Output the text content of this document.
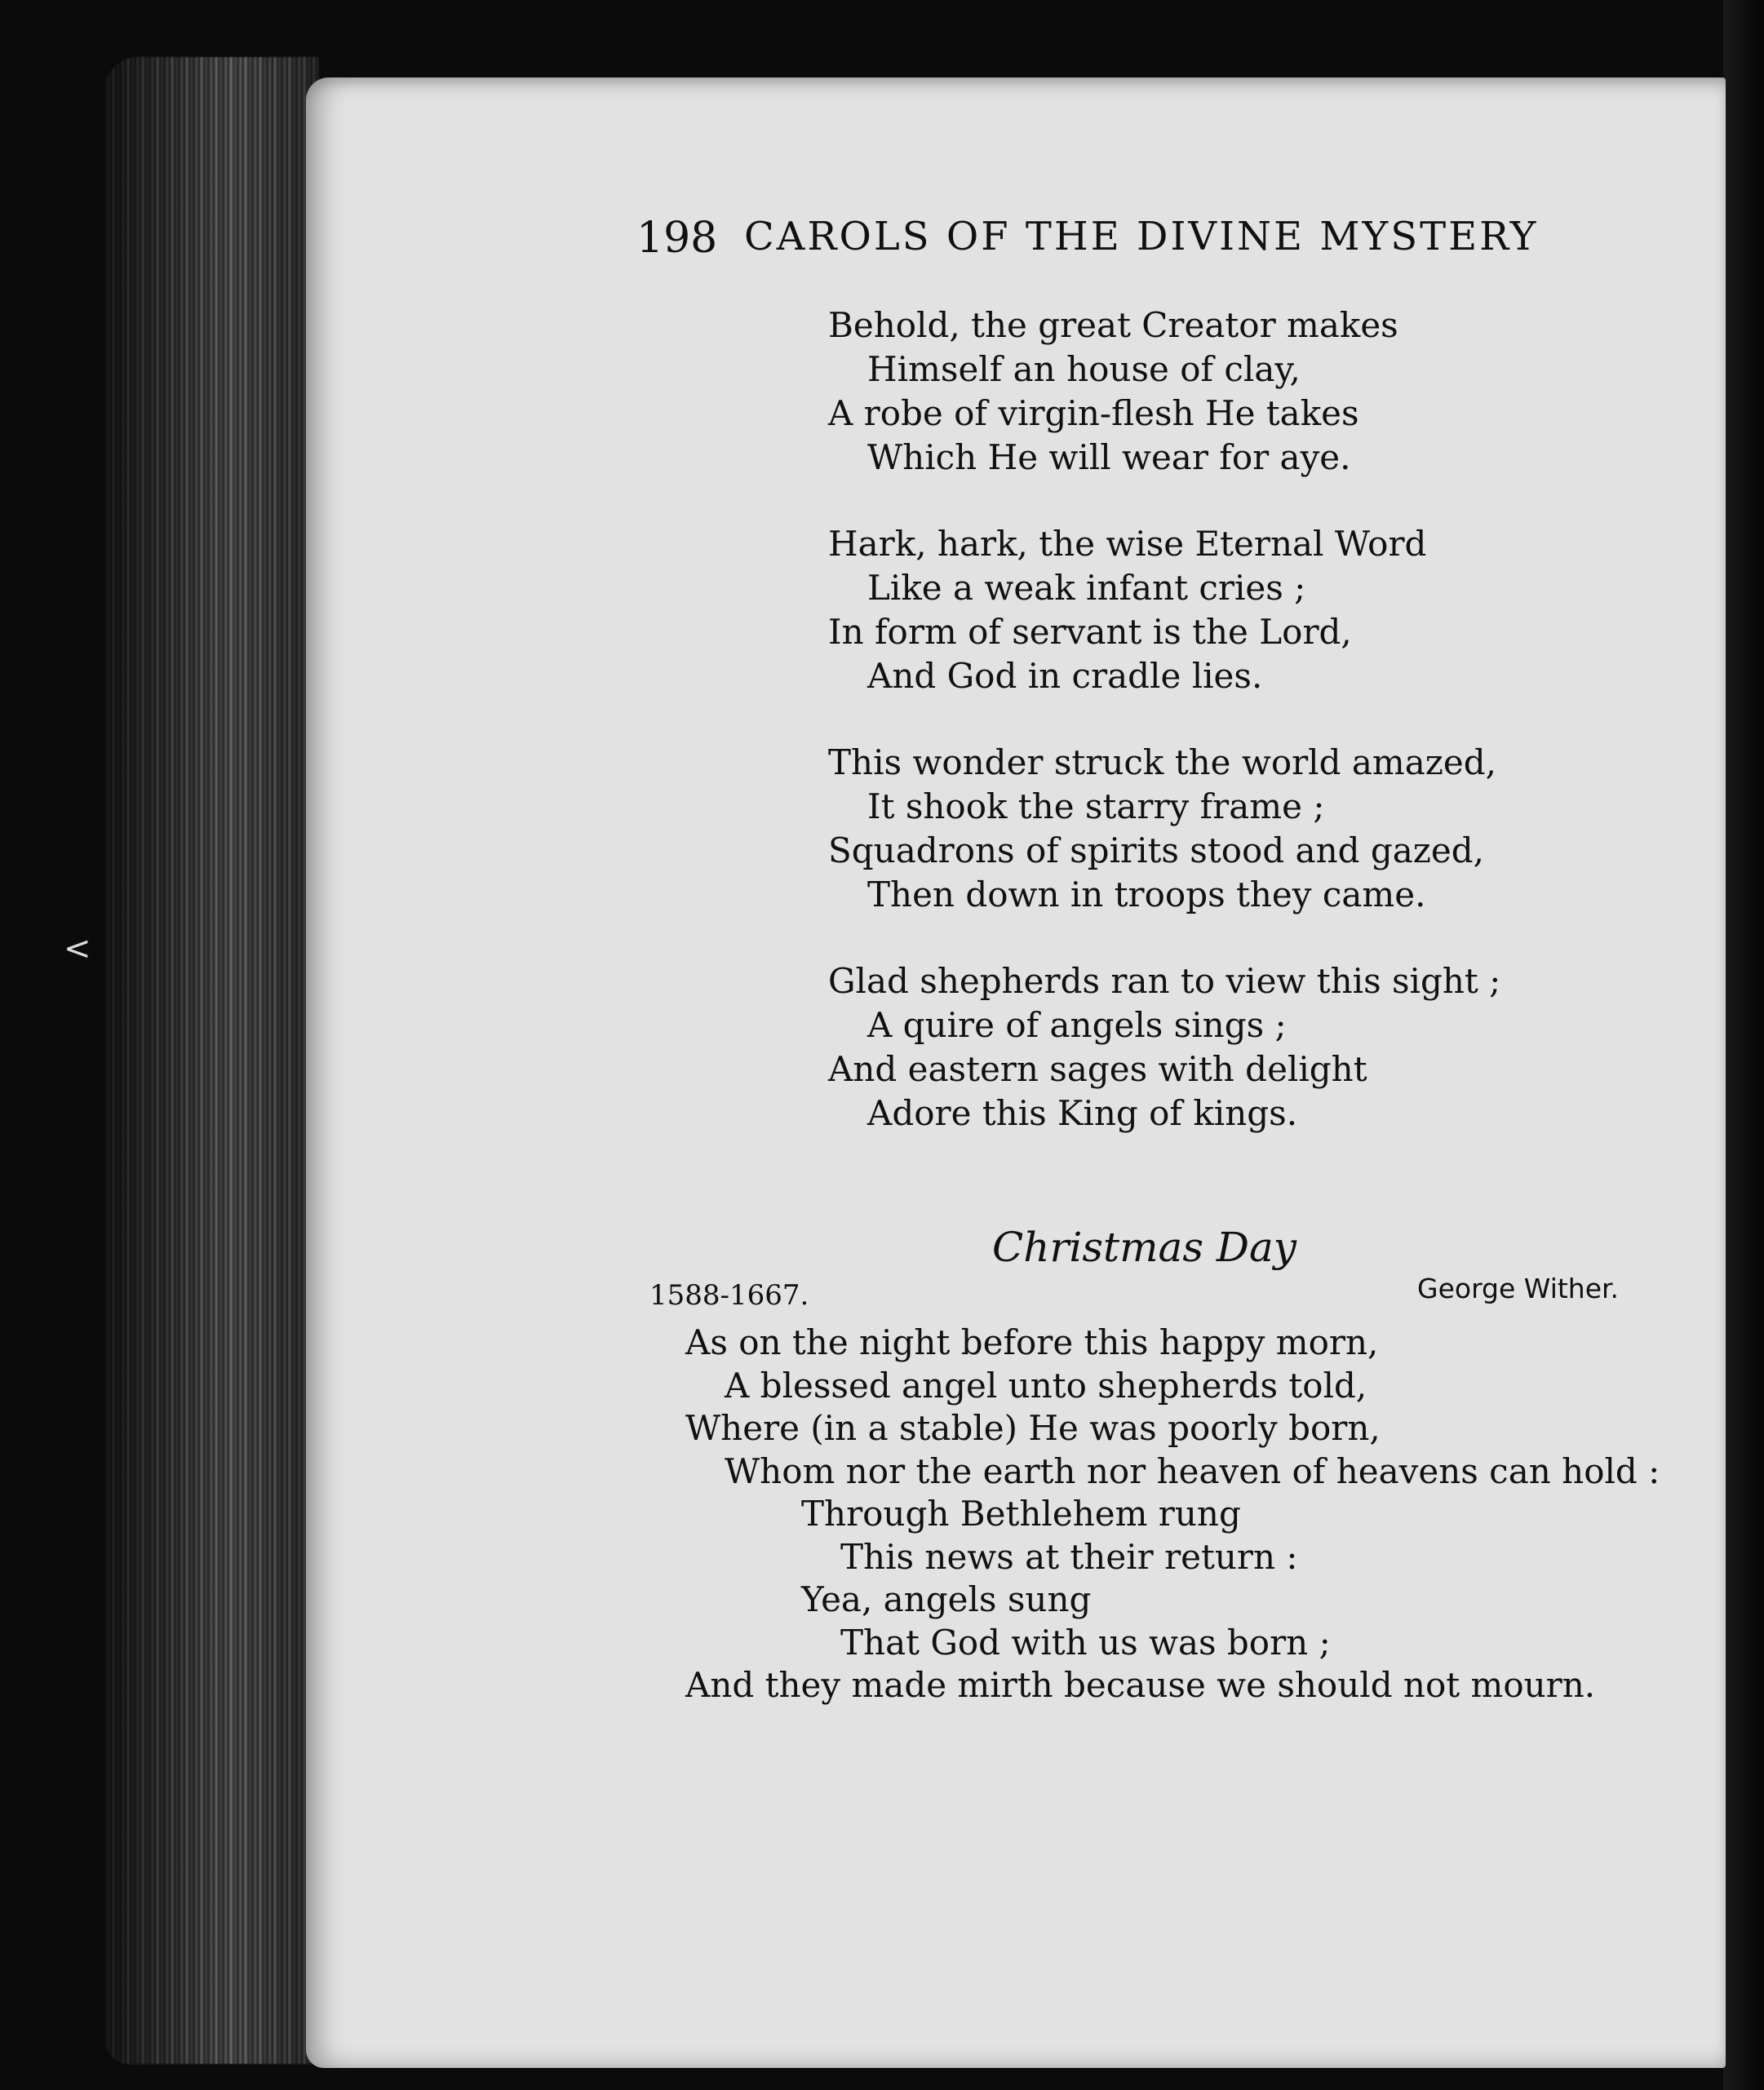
<
198 CAROLS OF THE DIVINE MYSTERY
Behold, the great Creator makes
Himself an house of clay,
A robe of virgin-flesh He takes
Which He will wear for aye.
Hark, hark, the wise Eternal Word
Like a weak infant cries ;
In form of servant is the Lord,
And God in cradle lies.
This wonder struck the world amazed,
It shook the starry frame ;
Squadrons of spirits stood and gazed,
Then down in troops they came.
Glad shepherds ran to view this sight ;
A quire of angels sings ;
And eastern sages with delight
Adore this King of kings.
Christmas Day
1588-1667.	George Wither.
As on the night before this happy morn,
A blessed angel unto shepherds told,
Where (in a stable) He was poorly born,
Whom nor the earth nor heaven of heavens can hold :
Through Bethlehem rung
This news at their return :
Yea, angels sung
That God with us was born ;
And they made mirth because we should not mourn.
